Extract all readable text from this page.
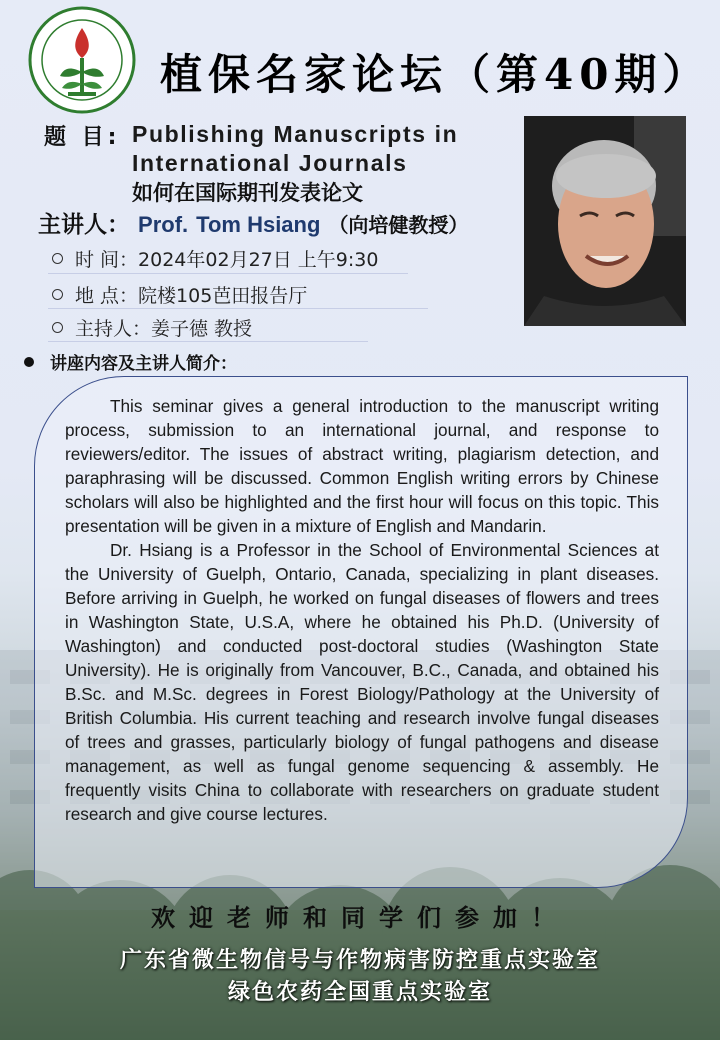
植保名家论坛（第40期）
题 目: Publishing Manuscripts in International Journals
如何在国际期刊发表论文
主讲人： Prof. Tom Hsiang （向培健教授）
时 间：2024年02月27日 上午9:30
地 点：院楼105芭田报告厅
主持人：姜子德 教授
讲座内容及主讲人简介：

This seminar gives a general introduction to the manuscript writing process, submission to an international journal, and response to reviewers/editor. The issues of abstract writing, plagiarism detection, and paraphrasing will be discussed. Common English writing errors by Chinese scholars will also be highlighted and the first hour will focus on this topic. This presentation will be given in a mixture of English and Mandarin.

Dr. Hsiang is a Professor in the School of Environmental Sciences at the University of Guelph, Ontario, Canada, specializing in plant diseases. Before arriving in Guelph, he worked on fungal diseases of flowers and trees in Washington State, U.S.A, where he obtained his Ph.D. (University of Washington) and conducted post-doctoral studies (Washington State University). He is originally from Vancouver, B.C., Canada, and obtained his B.Sc. and M.Sc. degrees in Forest Biology/Pathology at the University of British Columbia. His current teaching and research involve fungal diseases of trees and grasses, particularly biology of fungal pathogens and disease management, as well as fungal genome sequencing & assembly. He frequently visits China to collaborate with researchers on graduate student research and give course lectures.

欢迎老师和同学们参加！
广东省微生物信号与作物病害防控重点实验室
绿色农药全国重点实验室
